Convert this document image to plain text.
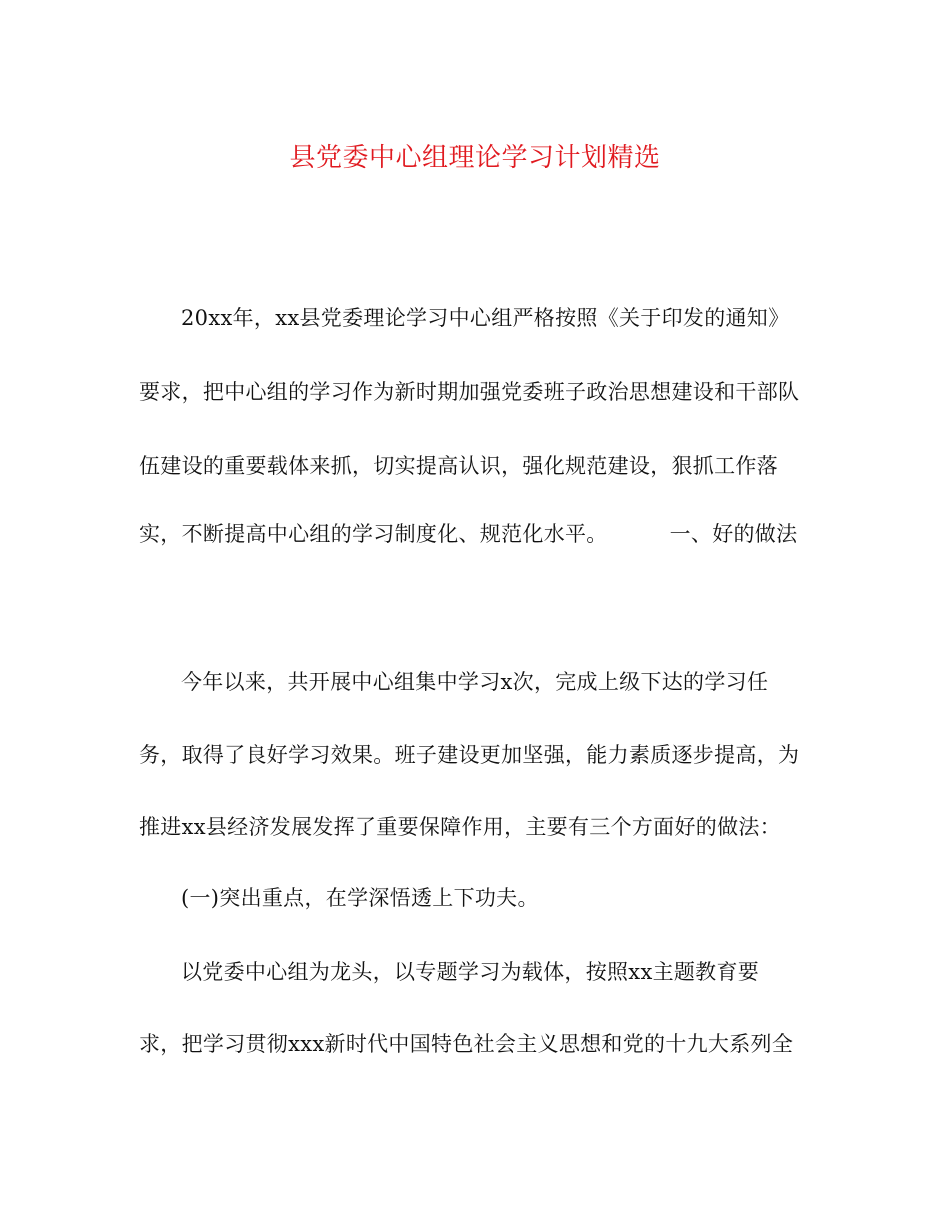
县党委中心组理论学习计划精选
20xx年，xx县党委理论学习中心组严格按照《关于印发的通知》
要求，把中心组的学习作为新时期加强党委班子政治思想建设和干部队
伍建设的重要载体来抓，切实提高认识，强化规范建设，狠抓工作落
实，不断提高中心组的学习制度化、规范化水平。	一、好的做法
今年以来，共开展中心组集中学习x次，完成上级下达的学习任
务，取得了良好学习效果。班子建设更加坚强，能力素质逐步提高，为
推进xx县经济发展发挥了重要保障作用，主要有三个方面好的做法：
(一)突出重点，在学深悟透上下功夫。
以党委中心组为龙头，以专题学习为载体，按照xx主题教育要
求，把学习贯彻xxx新时代中国特色社会主义思想和党的十九大系列全
